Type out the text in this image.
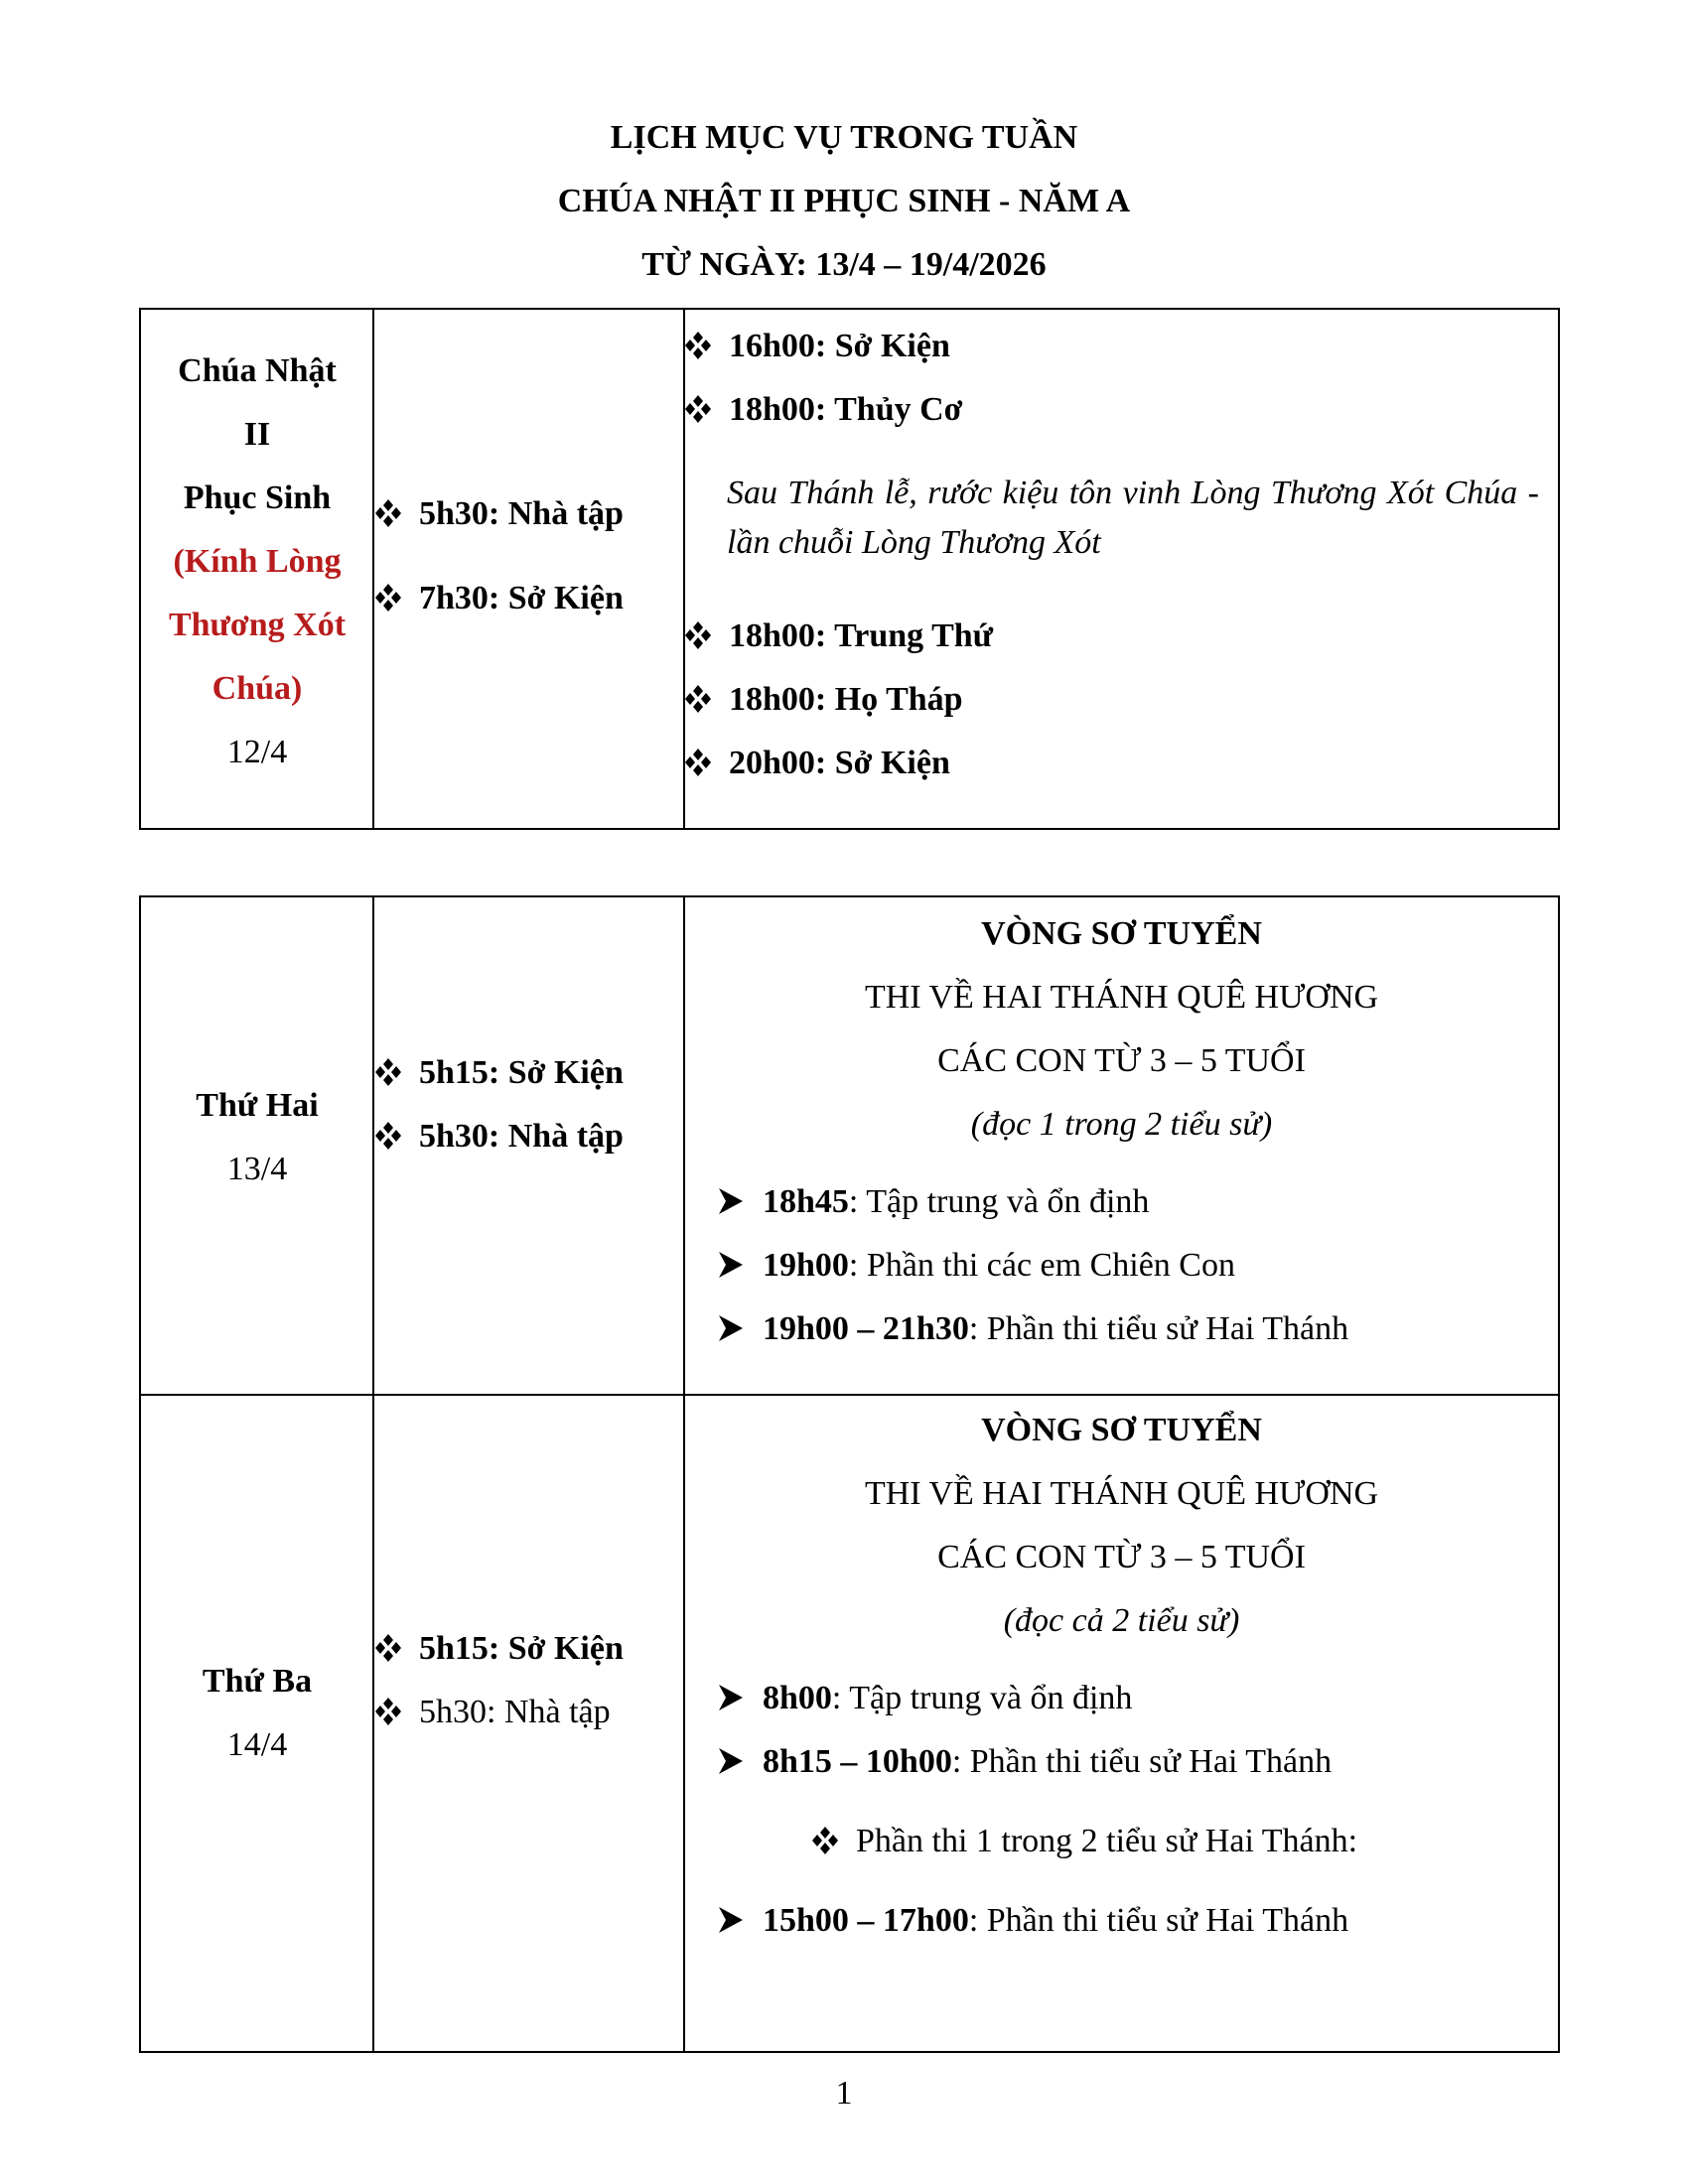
LỊCH MỤC VỤ TRONG TUẦN
CHÚA NHẬT II PHỤC SINH - NĂM A
TỪ NGÀY: 13/4 – 19/4/2026
Chúa Nhật
II
Phục Sinh
(Kính Lòng
Thương Xót
Chúa)
12/4
5h30: Nhà tập
7h30: Sở Kiện
16h00: Sở Kiện
18h00: Thủy Cơ
Sau Thánh lễ, rước kiệu tôn vinh Lòng Thương Xót Chúa - lần chuỗi Lòng Thương Xót
18h00: Trung Thứ
18h00: Họ Tháp
20h00: Sở Kiện
Thứ Hai
13/4
5h15: Sở Kiện
5h30: Nhà tập
VÒNG SƠ TUYỂN
THI VỀ HAI THÁNH QUÊ HƯƠNG
CÁC CON TỪ 3 – 5 TUỔI
(đọc 1 trong 2 tiểu sử)
18h45: Tập trung và ổn định
19h00: Phần thi các em Chiên Con
19h00 – 21h30: Phần thi tiểu sử Hai Thánh
Thứ Ba
14/4
5h15: Sở Kiện
5h30: Nhà tập
VÒNG SƠ TUYỂN
THI VỀ HAI THÁNH QUÊ HƯƠNG
CÁC CON TỪ 3 – 5 TUỔI
(đọc cả 2 tiểu sử)
8h00: Tập trung và ổn định
8h15 – 10h00: Phần thi tiểu sử Hai Thánh
Phần thi 1 trong 2 tiểu sử Hai Thánh:
15h00 – 17h00: Phần thi tiểu sử Hai Thánh
1
